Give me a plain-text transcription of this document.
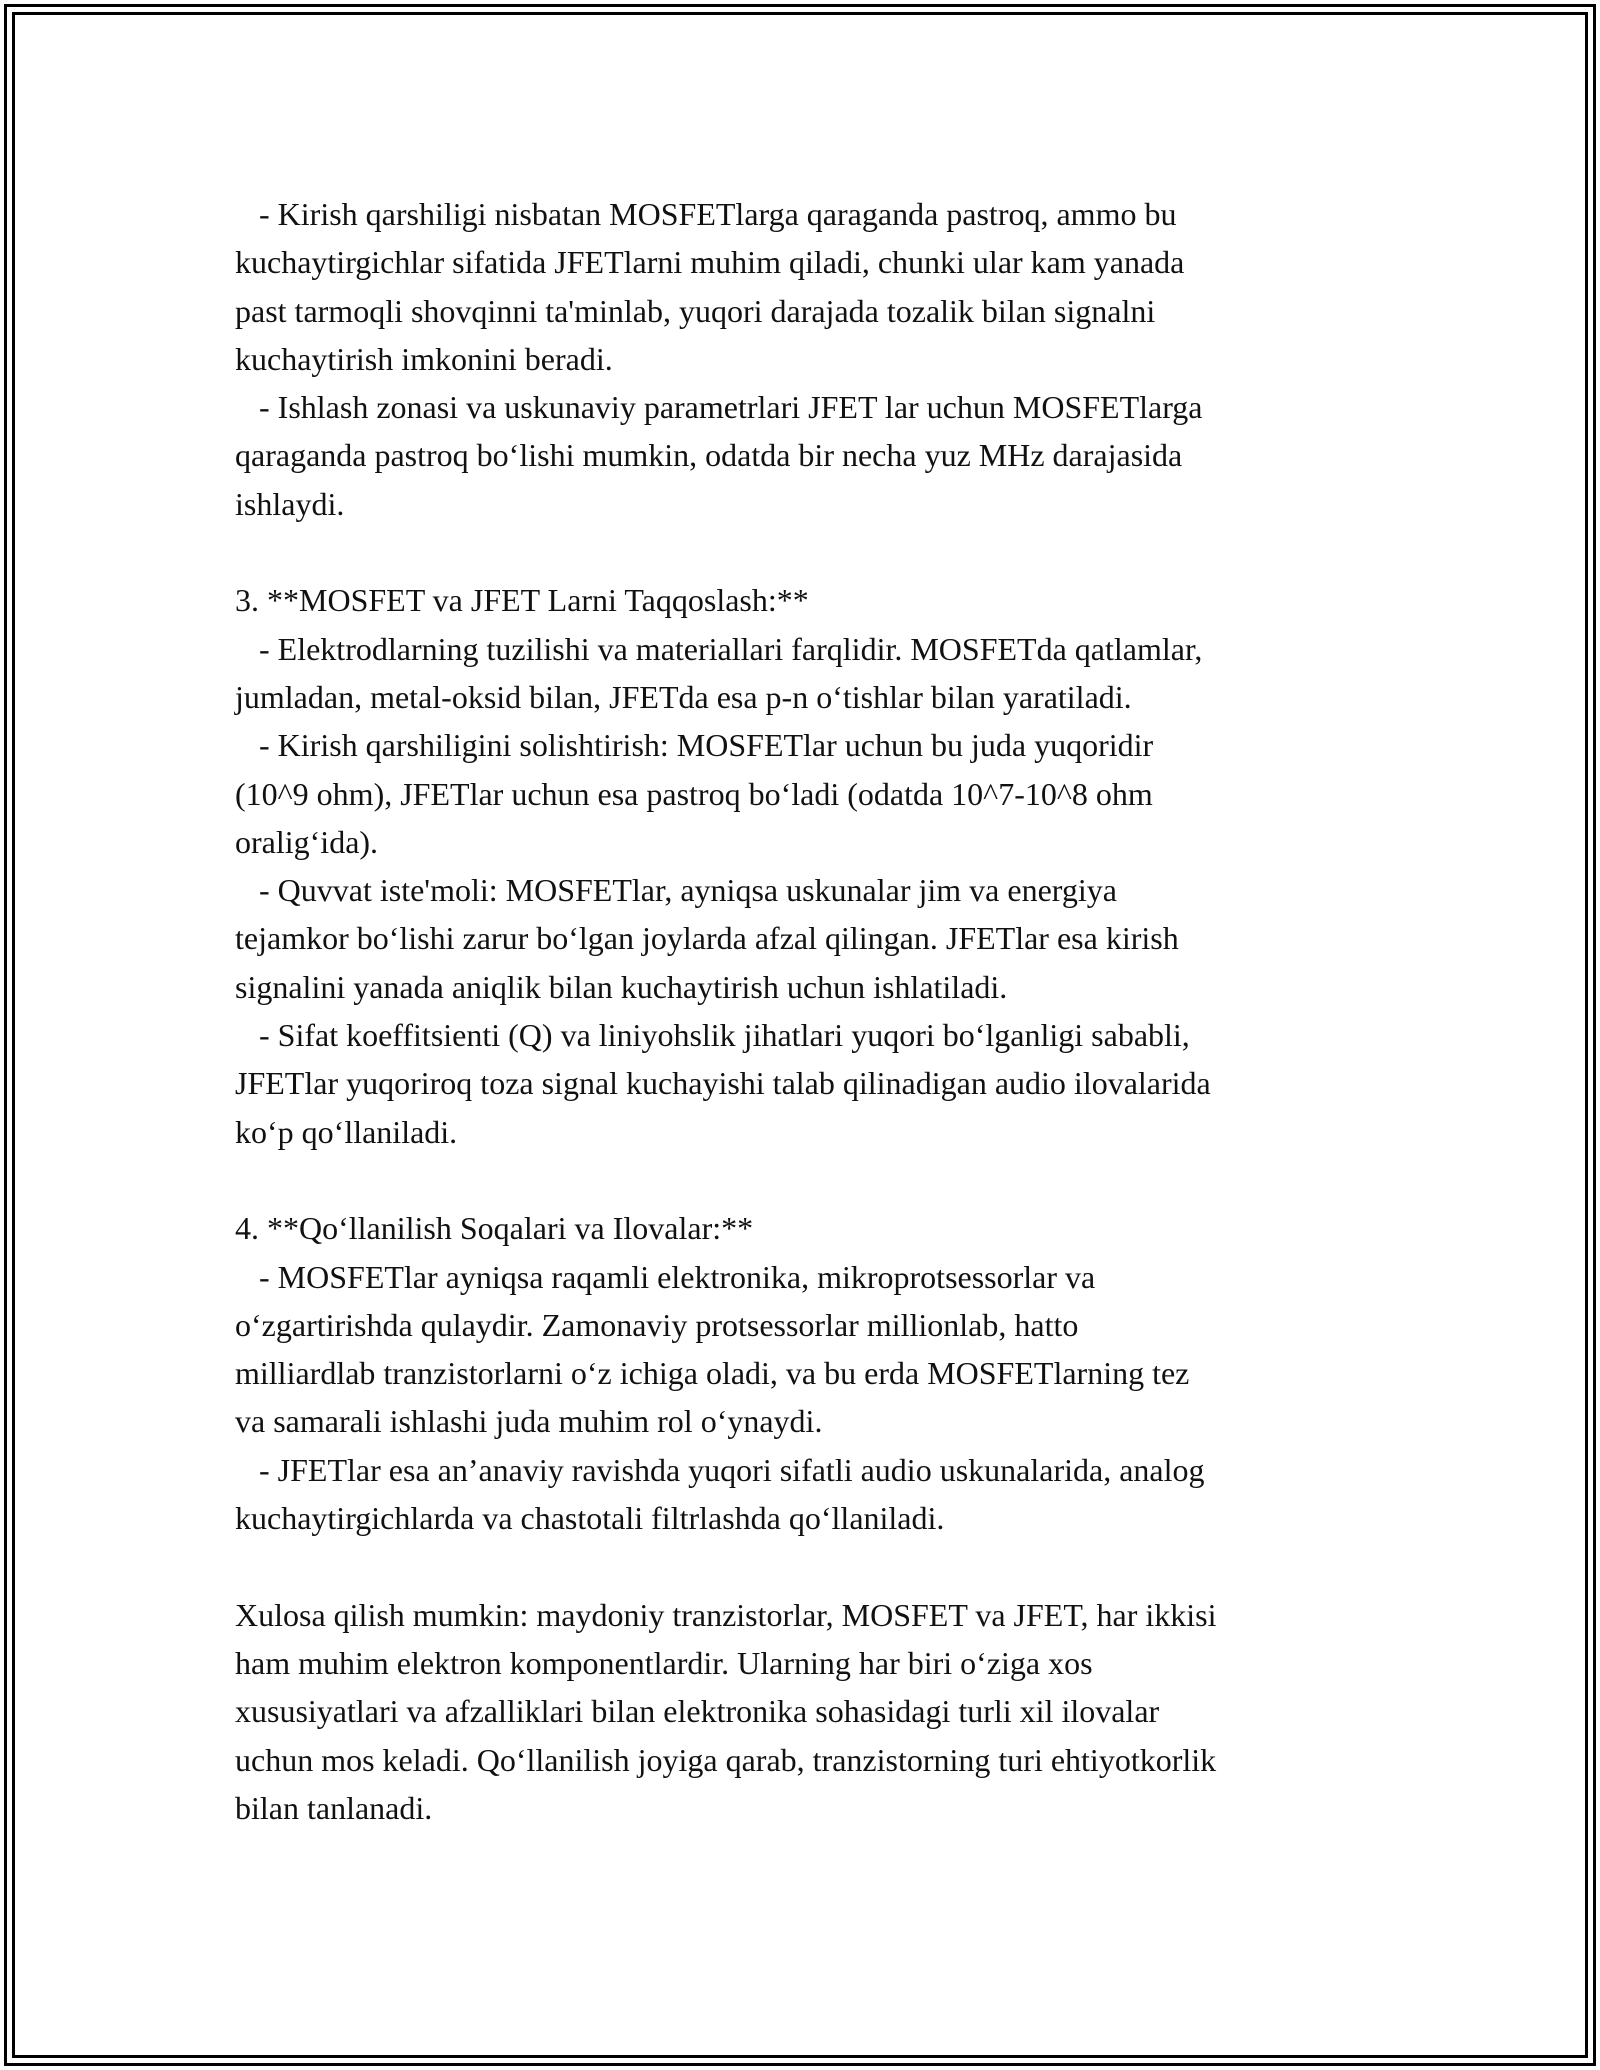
- Kirish qarshiligi nisbatan MOSFETlarga qaraganda pastroq, ammo bu
kuchaytirgichlar sifatida JFETlarni muhim qiladi, chunki ular kam yanada
past tarmoqli shovqinni ta'minlab, yuqori darajada tozalik bilan signalni
kuchaytirish imkonini beradi.
- Ishlash zonasi va uskunaviy parametrlari JFET lar uchun MOSFETlarga
qaraganda pastroq bo‘lishi mumkin, odatda bir necha yuz MHz darajasida
ishlaydi.
3. **MOSFET va JFET Larni Taqqoslash:**
- Elektrodlarning tuzilishi va materiallari farqlidir. MOSFETda qatlamlar,
jumladan, metal-oksid bilan, JFETda esa p-n o‘tishlar bilan yaratiladi.
- Kirish qarshiligini solishtirish: MOSFETlar uchun bu juda yuqoridir
(10^9 ohm), JFETlar uchun esa pastroq bo‘ladi (odatda 10^7-10^8 ohm
oralig‘ida).
- Quvvat iste'moli: MOSFETlar, ayniqsa uskunalar jim va energiya
tejamkor bo‘lishi zarur bo‘lgan joylarda afzal qilingan. JFETlar esa kirish
signalini yanada aniqlik bilan kuchaytirish uchun ishlatiladi.
- Sifat koeffitsienti (Q) va liniyohslik jihatlari yuqori bo‘lganligi sababli,
JFETlar yuqoriroq toza signal kuchayishi talab qilinadigan audio ilovalarida
ko‘p qo‘llaniladi.
4. **Qo‘llanilish Soqalari va Ilovalar:**
- MOSFETlar ayniqsa raqamli elektronika, mikroprotsessorlar va
o‘zgartirishda qulaydir. Zamonaviy protsessorlar millionlab, hatto
milliardlab tranzistorlarni o‘z ichiga oladi, va bu erda MOSFETlarning tez
va samarali ishlashi juda muhim rol o‘ynaydi.
- JFETlar esa an’anaviy ravishda yuqori sifatli audio uskunalarida, analog
kuchaytirgichlarda va chastotali filtrlashda qo‘llaniladi.
Xulosa qilish mumkin: maydoniy tranzistorlar, MOSFET va JFET, har ikkisi
ham muhim elektron komponentlardir. Ularning har biri o‘ziga xos
xususiyatlari va afzalliklari bilan elektronika sohasidagi turli xil ilovalar
uchun mos keladi. Qo‘llanilish joyiga qarab, tranzistorning turi ehtiyotkorlik
bilan tanlanadi.
